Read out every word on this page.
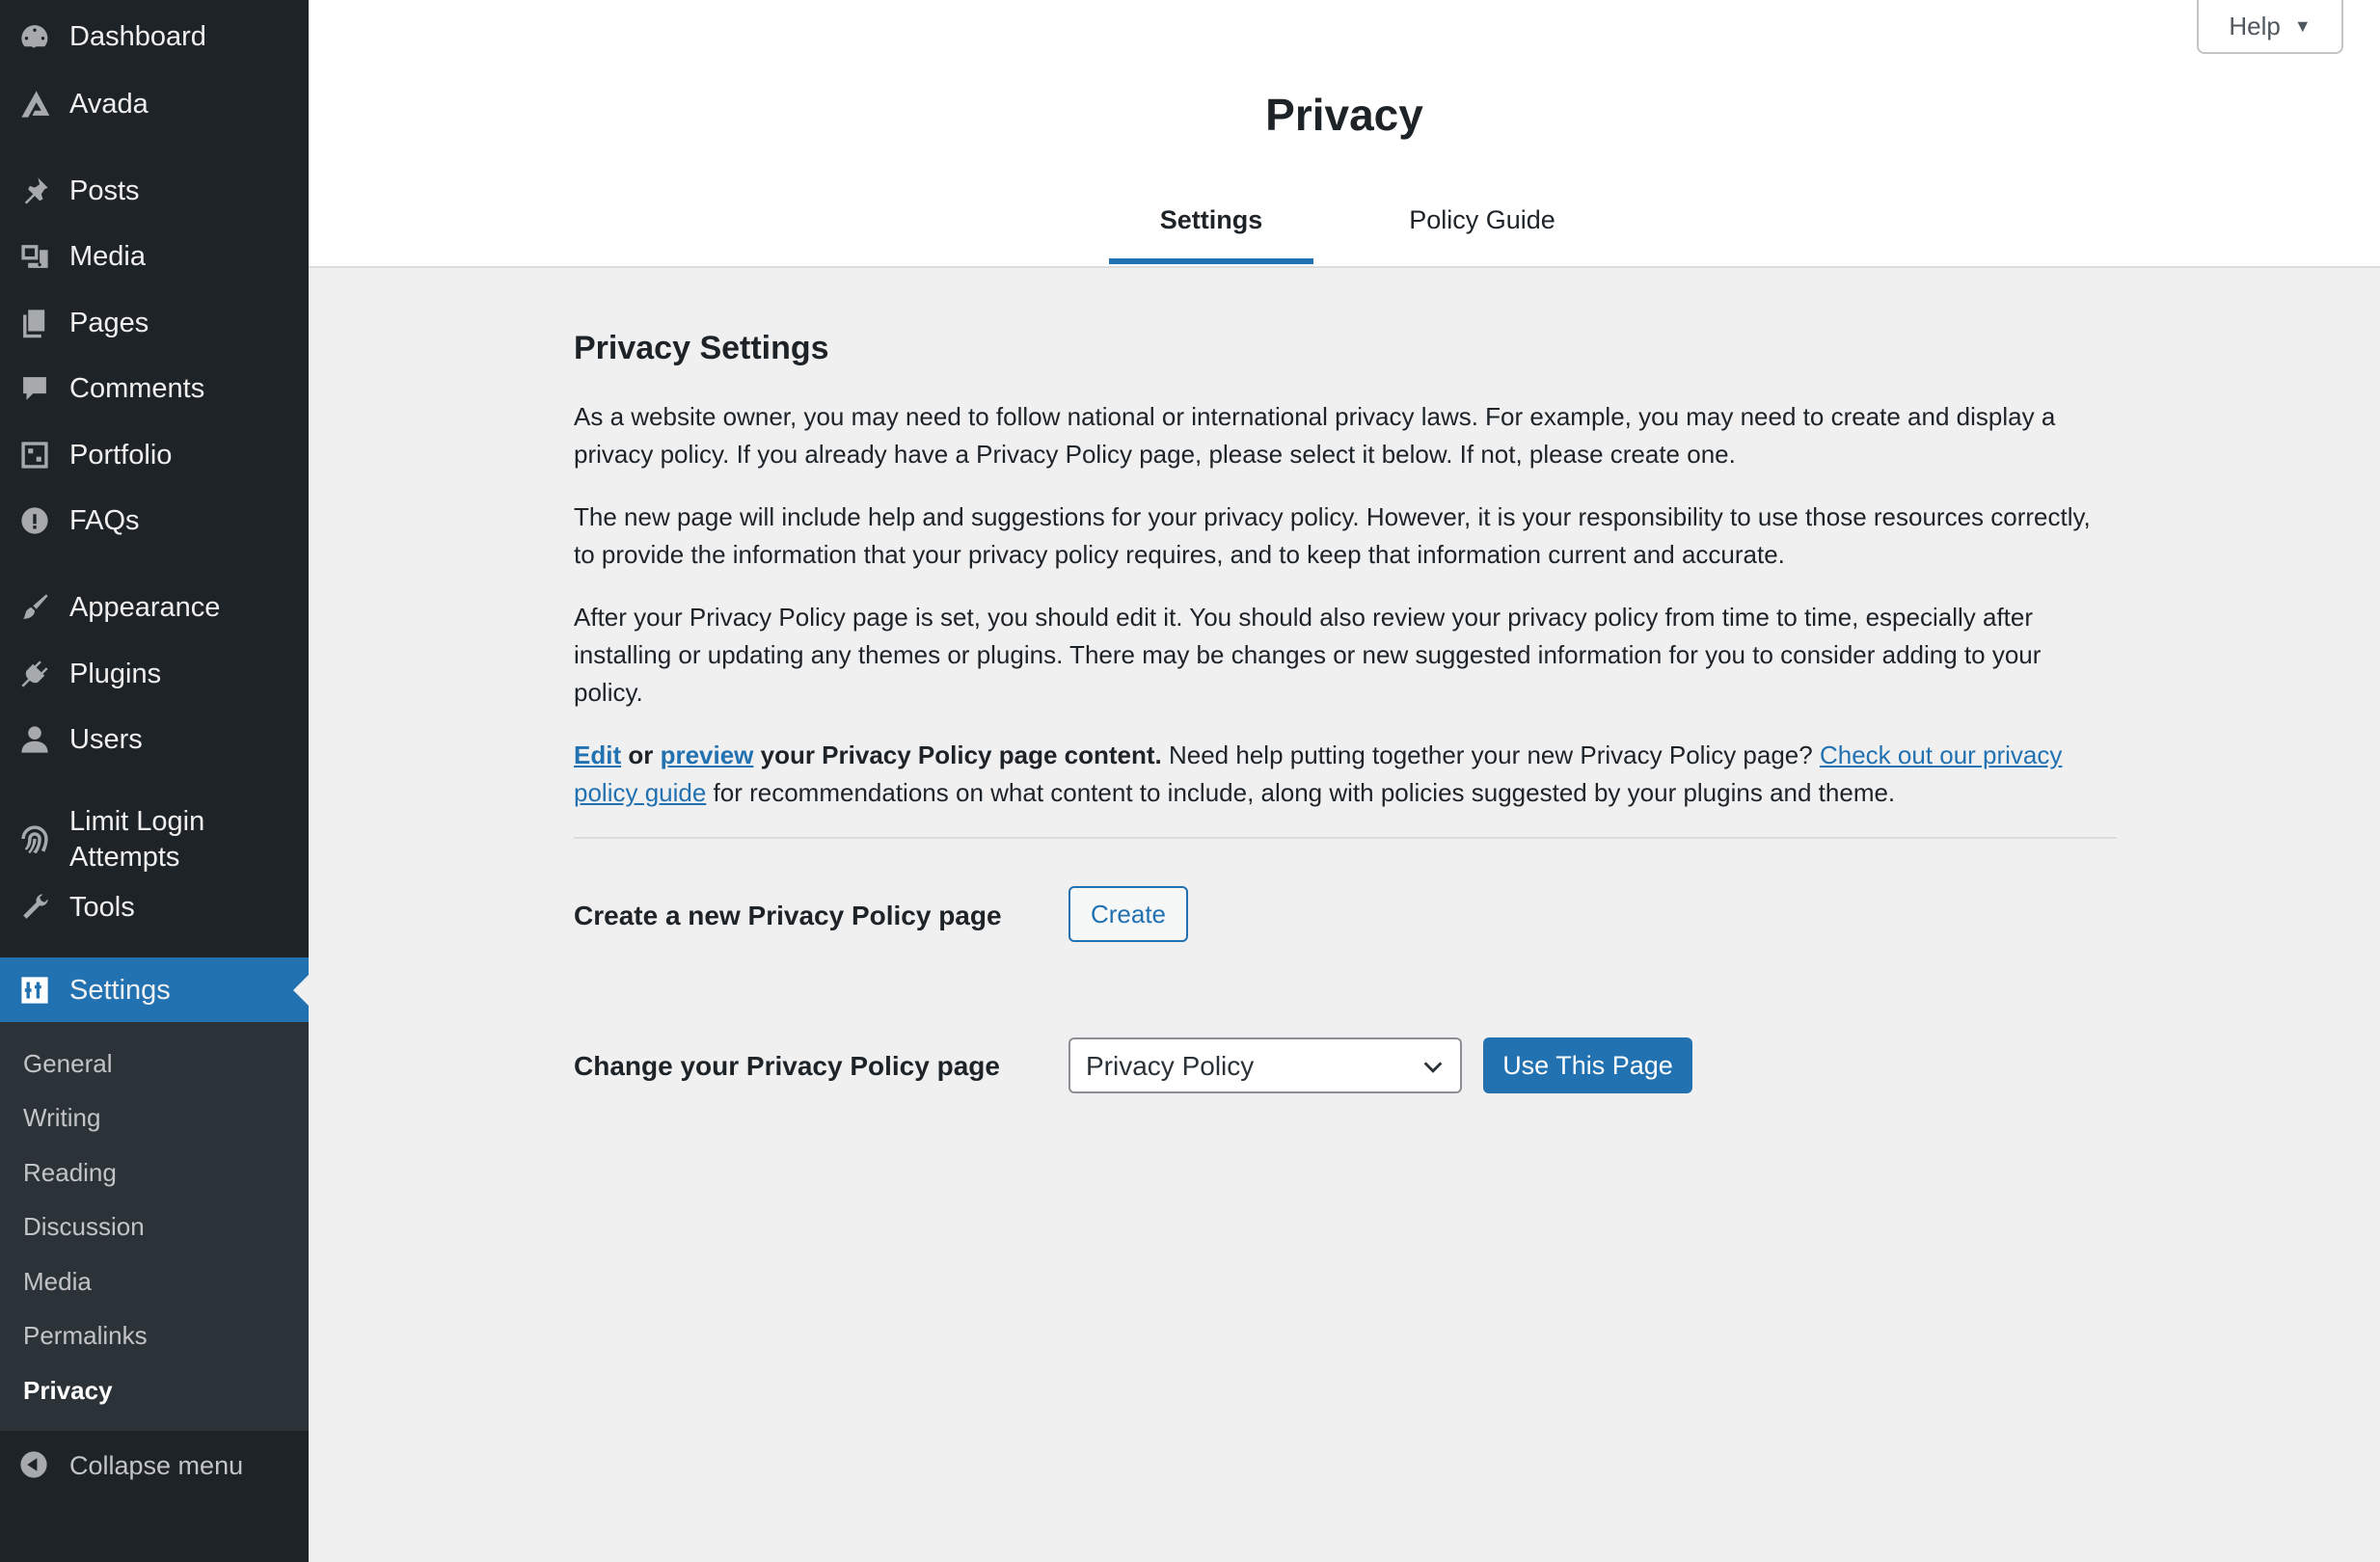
Dashboard
Avada
Posts
Media
Pages
Comments
Portfolio
FAQs
Appearance
Plugins
Users
Limit Login
Attempts
Tools
Settings
General
Writing
Reading
Discussion
Media
Permalinks
Privacy
Collapse menu
Help ▼
Privacy
Settings	Policy Guide
Privacy Settings

As a website owner, you may need to follow national or international privacy laws. For example, you may need to create and display a privacy policy. If you already have a Privacy Policy page, please select it below. If not, please create one.

The new page will include help and suggestions for your privacy policy. However, it is your responsibility to use those resources correctly, to provide the information that your privacy policy requires, and to keep that information current and accurate.

After your Privacy Policy page is set, you should edit it. You should also review your privacy policy from time to time, especially after installing or updating any themes or plugins. There may be changes or new suggested information for you to consider adding to your policy.

Edit or preview your Privacy Policy page content. Need help putting together your new Privacy Policy page? Check out our privacy policy guide for recommendations on what content to include, along with policies suggested by your plugins and theme.

Create a new Privacy Policy page	Create
Change your Privacy Policy page	Privacy Policy	Use This Page
